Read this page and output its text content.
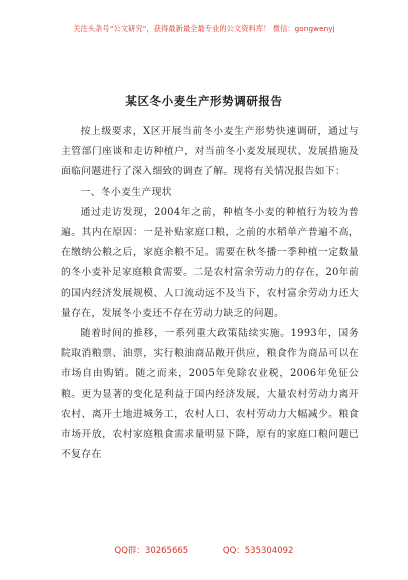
关注头条号“公文研究”，获得最新最全最专业的公文资料库！ 微信：gongwenyj
某区冬小麦生产形势调研报告

按上级要求，X区开展当前冬小麦生产形势快速调研，通过与主管部门座谈和走访种植户，对当前冬小麦发展现状、发展措施及面临问题进行了深入细致的调查了解。现将有关情况报告如下：

一、冬小麦生产现状

通过走访发现，2004年之前，种植冬小麦的种植行为较为普遍。其内在原因：一是补贴家庭口粮，之前的水稻单产普遍不高，在缴纳公粮之后，家庭余粮不足。需要在秋冬播一季种植一定数量的冬小麦补足家庭粮食需要。二是农村富余劳动力的存在，20年前的国内经济发展规模、人口流动远不及当下，农村富余劳动力还大量存在，发展冬小麦还不存在劳动力缺乏的问题。

随着时间的推移，一系列重大政策陆续实施。1993年，国务院取消粮票、油票，实行粮油商品敞开供应，粮食作为商品可以在市场自由购销。随之而来，2005年免除农业税，2006年免征公粮。更为显著的变化是利益于国内经济发展，大量农村劳动力离开农村、离开土地进城务工，农村人口、农村劳动力大幅减少。粮食市场开放，农村家庭粮食需求量明显下降，原有的家庭口粮问题已不复存在

QQ群：30265665	QQ：535304092
